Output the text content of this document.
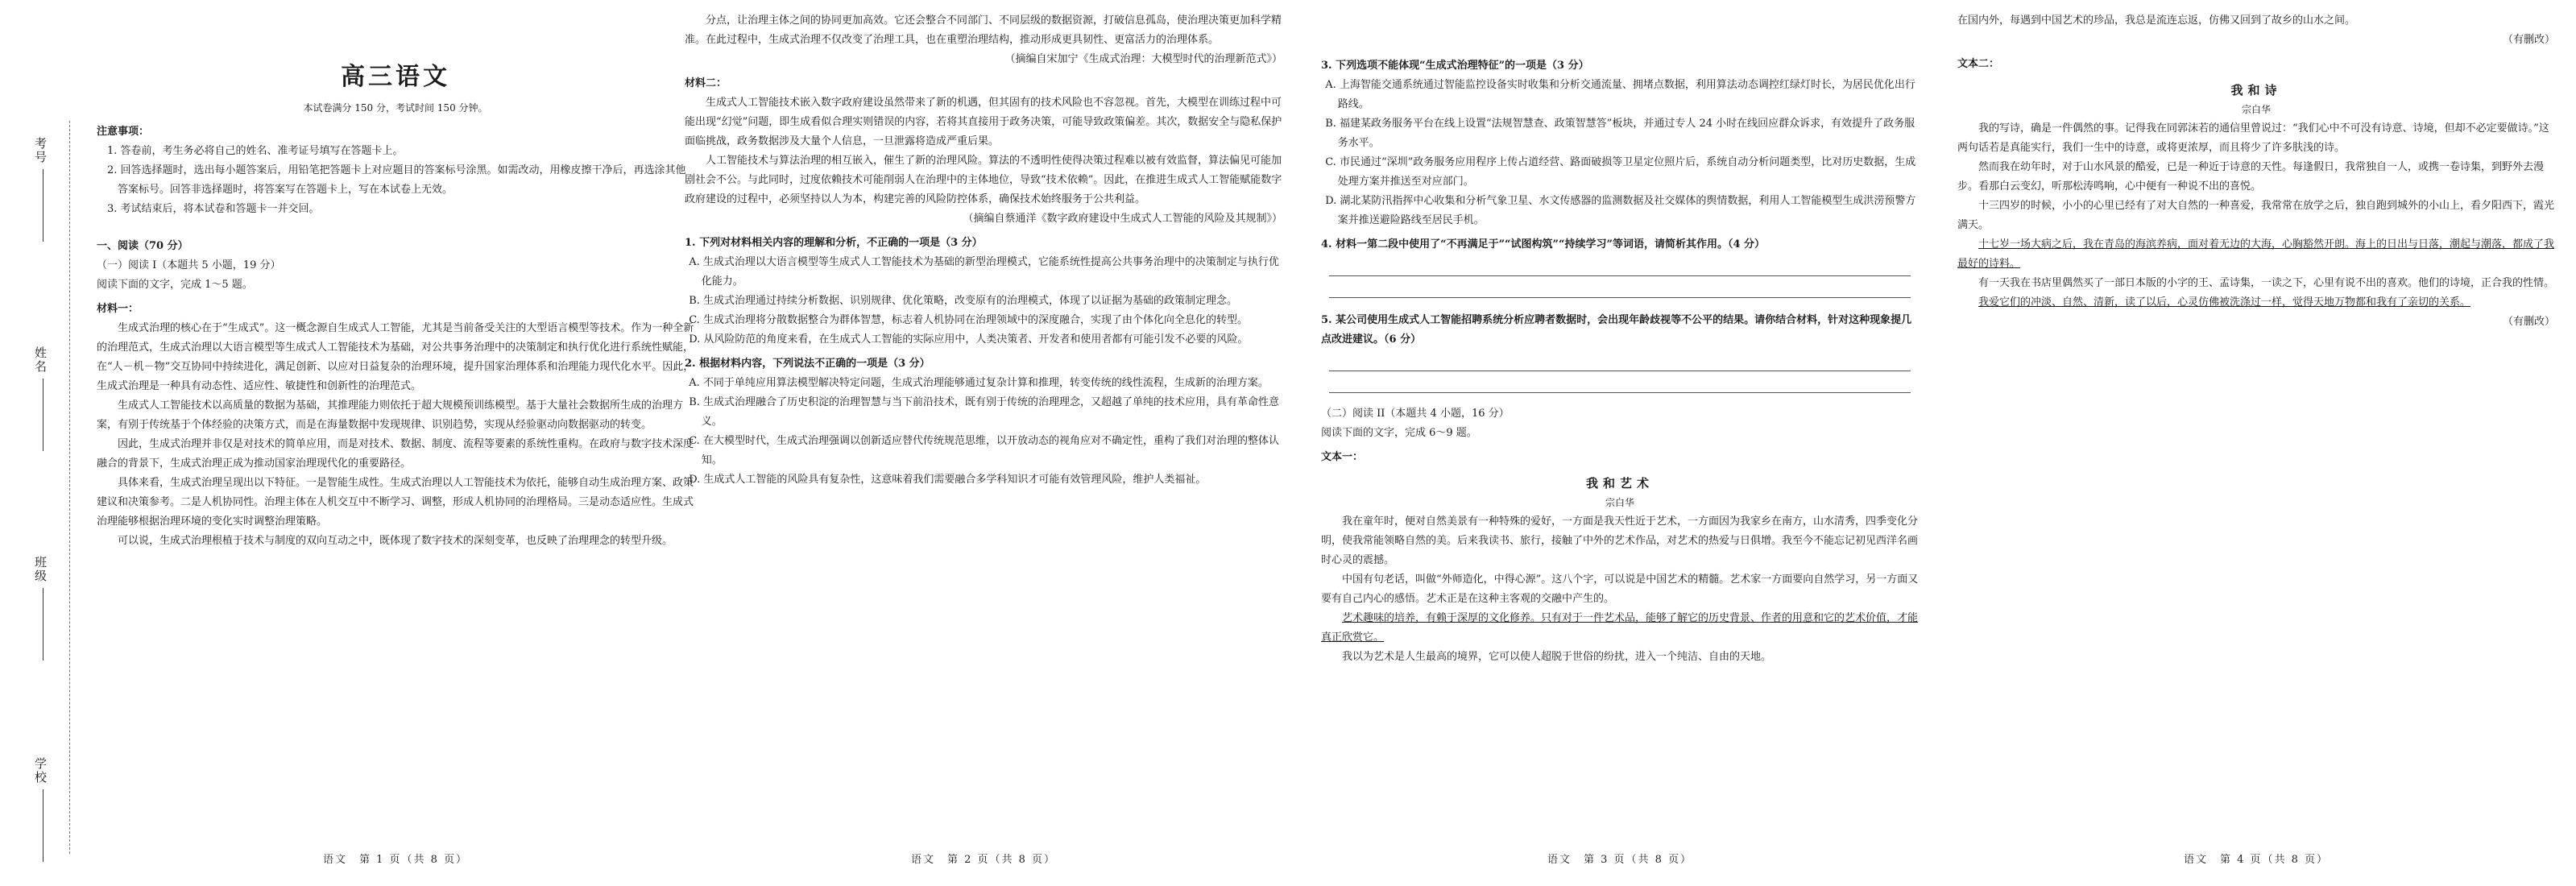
考号
姓名
班级
学校
高三语文
本试卷满分 150 分，考试时间 150 分钟。
注意事项：

1. 答卷前，考生务必将自己的姓名、准考证号填写在答题卡上。

2. 回答选择题时，选出每小题答案后，用铅笔把答题卡上对应题目的答案标号涂黑。如需改动，用橡皮擦干净后，再选涂其他答案标号。回答非选择题时，将答案写在答题卡上，写在本试卷上无效。

3. 考试结束后，将本试卷和答题卡一并交回。

一、阅读（70 分）

（一）阅读 I（本题共 5 小题，19 分）

阅读下面的文字，完成 1～5 题。

材料一：

生成式治理的核心在于“生成式”。这一概念源自生成式人工智能，尤其是当前备受关注的大型语言模型等技术。作为一种全新的治理范式，生成式治理以大语言模型等生成式人工智能技术为基础，对公共事务治理中的决策制定和执行优化进行系统性赋能，在“人－机－物”交互协同中持续进化，满足创新、以应对日益复杂的治理环境，提升国家治理体系和治理能力现代化水平。因此，生成式治理是一种具有动态性、适应性、敏捷性和创新性的治理范式。

生成式人工智能技术以高质量的数据为基础，其推理能力则依托于超大规模预训练模型。基于大量社会数据所生成的治理方案，有别于传统基于个体经验的决策方式，而是在海量数据中发现规律、识别趋势，实现从经验驱动向数据驱动的转变。

因此，生成式治理并非仅是对技术的简单应用，而是对技术、数据、制度、流程等要素的系统性重构。在政府与数字技术深度融合的背景下，生成式治理正成为推动国家治理现代化的重要路径。

具体来看，生成式治理呈现出以下特征。一是智能生成性。生成式治理以人工智能技术为依托，能够自动生成治理方案、政策建议和决策参考。二是人机协同性。治理主体在人机交互中不断学习、调整，形成人机协同的治理格局。三是动态适应性。生成式治理能够根据治理环境的变化实时调整治理策略。

可以说，生成式治理根植于技术与制度的双向互动之中，既体现了数字技术的深刻变革，也反映了治理理念的转型升级。

语文　第 1 页（共 8 页）

分点，让治理主体之间的协同更加高效。它还会整合不同部门、不同层级的数据资源，打破信息孤岛，使治理决策更加科学精准。在此过程中，生成式治理不仅改变了治理工具，也在重塑治理结构，推动形成更具韧性、更富活力的治理体系。

（摘编自宋加宁《生成式治理：大模型时代的治理新范式》）

材料二：

生成式人工智能技术嵌入数字政府建设虽然带来了新的机遇，但其固有的技术风险也不容忽视。首先，大模型在训练过程中可能出现“幻觉”问题，即生成看似合理实则错误的内容，若将其直接用于政务决策，可能导致政策偏差。其次，数据安全与隐私保护面临挑战，政务数据涉及大量个人信息，一旦泄露将造成严重后果。

人工智能技术与算法治理的相互嵌入，催生了新的治理风险。算法的不透明性使得决策过程难以被有效监督，算法偏见可能加剧社会不公。与此同时，过度依赖技术可能削弱人在治理中的主体地位，导致“技术依赖”。因此，在推进生成式人工智能赋能数字政府建设的过程中，必须坚持以人为本，构建完善的风险防控体系，确保技术始终服务于公共利益。

（摘编自蔡通洋《数字政府建设中生成式人工智能的风险及其规制》）

1. 下列对材料相关内容的理解和分析，不正确的一项是（3 分）

A. 生成式治理以大语言模型等生成式人工智能技术为基础的新型治理模式，它能系统性提高公共事务治理中的决策制定与执行优化能力。

B. 生成式治理通过持续分析数据、识别规律、优化策略，改变原有的治理模式，体现了以证据为基础的政策制定理念。

C. 生成式治理将分散数据整合为群体智慧，标志着人机协同在治理领域中的深度融合，实现了由个体化向全息化的转型。

D. 从风险防范的角度来看，在生成式人工智能的实际应用中，人类决策者、开发者和使用者都有可能引发不必要的风险。

2. 根据材料内容，下列说法不正确的一项是（3 分）

A. 不同于单纯应用算法模型解决特定问题，生成式治理能够通过复杂计算和推理，转变传统的线性流程，生成新的治理方案。

B. 生成式治理融合了历史积淀的治理智慧与当下前沿技术，既有别于传统的治理理念，又超越了单纯的技术应用，具有革命性意义。

C. 在大模型时代，生成式治理强调以创新适应替代传统规范思维，以开放动态的视角应对不确定性，重构了我们对治理的整体认知。

D. 生成式人工智能的风险具有复杂性，这意味着我们需要融合多学科知识才可能有效管理风险，维护人类福祉。

语文　第 2 页（共 8 页）

3. 下列选项不能体现“生成式治理特征”的一项是（3 分）

A. 上海智能交通系统通过智能监控设备实时收集和分析交通流量、拥堵点数据，利用算法动态调控红绿灯时长，为居民优化出行路线。

B. 福建某政务服务平台在线上设置“法规智慧查、政策智慧答”板块，并通过专人 24 小时在线回应群众诉求，有效提升了政务服务水平。

C. 市民通过“深圳”政务服务应用程序上传占道经营、路面破损等卫星定位照片后，系统自动分析问题类型，比对历史数据，生成处理方案并推送至对应部门。

D. 湖北某防汛指挥中心收集和分析气象卫星、水文传感器的监测数据及社交媒体的舆情数据，利用人工智能模型生成洪涝预警方案并推送避险路线至居民手机。

4. 材料一第二段中使用了“不再满足于”“试图构筑”“持续学习”等词语，请简析其作用。（4 分）

5. 某公司使用生成式人工智能招聘系统分析应聘者数据时，会出现年龄歧视等不公平的结果。请你结合材料，针对这种现象提几点改进建议。（6 分）

（二）阅读 II（本题共 4 小题，16 分）

阅读下面的文字，完成 6～9 题。

文本一：
我和艺术
宗白华

我在童年时，便对自然美景有一种特殊的爱好，一方面是我天性近于艺术，一方面因为我家乡在南方，山水清秀，四季变化分明，使我常能领略自然的美。后来我读书、旅行，接触了中外的艺术作品，对艺术的热爱与日俱增。我至今不能忘记初见西洋名画时心灵的震撼。

中国有句老话，叫做“外师造化，中得心源”。这八个字，可以说是中国艺术的精髓。艺术家一方面要向自然学习，另一方面又要有自己内心的感悟。艺术正是在这种主客观的交融中产生的。

艺术趣味的培养，有赖于深厚的文化修养。只有对于一件艺术品，能够了解它的历史背景、作者的用意和它的艺术价值，才能真正欣赏它。

我以为艺术是人生最高的境界，它可以使人超脱于世俗的纷扰，进入一个纯洁、自由的天地。

语文　第 3 页（共 8 页）

在国内外，每遇到中国艺术的珍品，我总是流连忘返，仿佛又回到了故乡的山水之间。

（有删改）

文本二：
我和诗
宗白华

我的写诗，确是一件偶然的事。记得我在同郭沫若的通信里曾说过：“我们心中不可没有诗意、诗境，但却不必定要做诗。”这两句话若是真能实行，我们一生中的诗意，或将更浓厚，而且将少了许多肤浅的诗。

然而我在幼年时，对于山水风景的酷爱，已是一种近于诗意的天性。每逢假日，我常独自一人，或携一卷诗集，到野外去漫步。看那白云变幻，听那松涛鸣响，心中便有一种说不出的喜悦。

十三四岁的时候，小小的心里已经有了对大自然的一种喜爱，我常常在放学之后，独自跑到城外的小山上，看夕阳西下，霞光满天。

十七岁一场大病之后，我在青岛的海滨养病，面对着无边的大海，心胸豁然开朗。海上的日出与日落，潮起与潮落，都成了我最好的诗料。

有一天我在书店里偶然买了一部日本版的小字的王、孟诗集，一读之下，心里有说不出的喜欢。他们的诗境，正合我的性情。

我爱它们的冲淡、自然、清新，读了以后，心灵仿佛被洗涤过一样，觉得天地万物都和我有了亲切的关系。

（有删改）

语文　第 4 页（共 8 页）
